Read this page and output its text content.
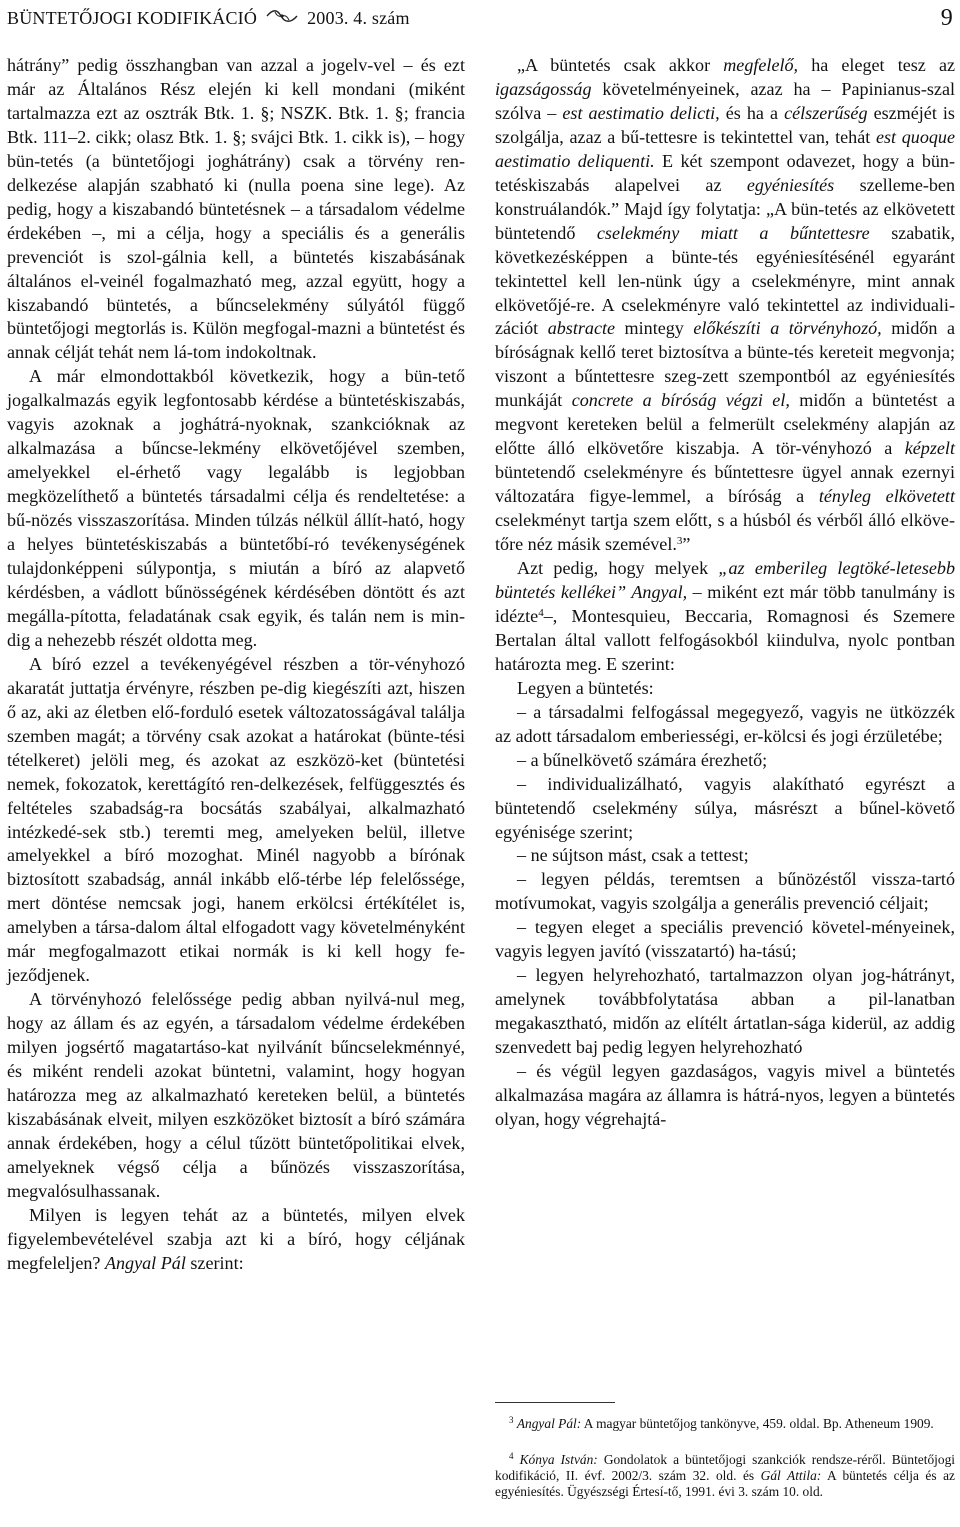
BÜNTETŐJOGI KODIFIKÁCIÓ	2003. 4. szám	9

hátrány” pedig összhangban van azzal a jogelv-vel – és ezt már az Általános Rész elején ki kell mondani (miként tartalmazza ezt az osztrák Btk. 1. §; NSZK. Btk. 1. §; francia Btk. 111–2. cikk; olasz Btk. 1. §; svájci Btk. 1. cikk is), – hogy bün-tetés (a büntetőjogi joghátrány) csak a törvény ren-delkezése alapján szabható ki (nulla poena sine lege). Az pedig, hogy a kiszabandó büntetésnek – a társadalom védelme érdekében –, mi a célja, hogy a speciális és a generális prevenciót is szol-gálnia kell, a büntetés kiszabásának általános el-veinél fogalmazható meg, azzal együtt, hogy a kiszabandó büntetés, a bűncselekmény súlyától függő büntetőjogi megtorlás is. Külön megfogal-mazni a büntetést és annak célját tehát nem lá-tom indokoltnak.

A már elmondottakból következik, hogy a bün-tető jogalkalmazás egyik legfontosabb kérdése a büntetéskiszabás, vagyis azoknak a joghátrá-nyoknak, szankcióknak az alkalmazása a bűncse-lekmény elkövetőjével szemben, amelyekkel el-érhető vagy legalább is legjobban megközelíthető a büntetés társadalmi célja és rendeltetése: a bű-nözés visszaszorítása. Minden túlzás nélkül állít-ható, hogy a helyes büntetéskiszabás a büntetőbí-ró tevékenységének tulajdonképpeni súlypontja, s miután a bíró az alapvető kérdésben, a vádlott bűnösségének kérdésében döntött és azt megálla-pította, feladatának csak egyik, és talán nem is min-dig a nehezebb részét oldotta meg.

A bíró ezzel a tevékenyégével részben a tör-vényhozó akaratát juttatja érvényre, részben pe-dig kiegészíti azt, hiszen ő az, aki az életben elő-forduló esetek változatosságával találja szemben magát; a törvény csak azokat a határokat (bünte-tési tételkeret) jelöli meg, és azokat az eszközö-ket (büntetési nemek, fokozatok, kerettágító ren-delkezések, felfüggesztés és feltételes szabadság-ra bocsátás szabályai, alkalmazható intézkedé-sek stb.) teremti meg, amelyeken belül, illetve amelyekkel a bíró mozoghat. Minél nagyobb a bírónak biztosított szabadság, annál inkább elő-térbe lép felelőssége, mert döntése nemcsak jogi, hanem erkölcsi értékítélet is, amelyben a társa-dalom által elfogadott vagy követelményként már megfogalmazott etikai normák is ki kell hogy fe-jeződjenek.

A törvényhozó felelőssége pedig abban nyilvá-nul meg, hogy az állam és az egyén, a társadalom védelme érdekében milyen jogsértő magatartáso-kat nyilvánít bűncselekménnyé, és miként rendeli azokat büntetni, valamint, hogy hogyan határozza meg az alkalmazható kereteken belül, a büntetés kiszabásának elveit, milyen eszközöket biztosít a bíró számára annak érdekében, hogy a célul tűzött büntetőpolitikai elvek, amelyeknek végső célja a bűnözés visszaszorítása, megvalósulhassanak.

Milyen is legyen tehát az a büntetés, milyen elvek figyelembevételével szabja azt ki a bíró, hogy céljának megfeleljen? Angyal Pál szerint:

„A büntetés csak akkor megfelelő, ha eleget tesz az igazságosság követelményeinek, azaz ha – Papinianus-szal szólva – est aestimatio delicti, és ha a célszerűség eszméjét is szolgálja, azaz a bű-tettesre is tekintettel van, tehát est quoque aestimatio deliquenti. E két szempont odavezet, hogy a bün-tetéskiszabás alapelvei az egyéniesítés szelleme-ben konstruálandók.” Majd így folytatja: „A bün-tetés az elkövetett büntetendő cselekmény miatt a bűntettesre szabatik, következésképpen a bünte-tés egyéniesítésénél egyaránt tekintettel kell len-nünk úgy a cselekményre, mint annak elkövetőjé-re. A cselekményre való tekintettel az individuali-zációt abstracte mintegy előkészíti a törvényhozó, midőn a bíróságnak kellő teret biztosítva a bünte-tés kereteit megvonja; viszont a bűntettesre szeg-zett szempontból az egyéniesítés munkáját concrete a bíróság végzi el, midőn a büntetést a megvont kereteken belül a felmerült cselekmény alapján az előtte álló elkövetőre kiszabja. A tör-vényhozó a képzelt büntetendő cselekményre és bűntettesre ügyel annak ezernyi változatára figye-lemmel, a bíróság a tényleg elkövetett cselekményt tartja szem előtt, s a húsból és vérből álló elköve-tőre néz másik szemével.$^3$”

Azt pedig, hogy melyek „az emberileg legtöké-letesebb büntetés kellékei” Angyal, – miként ezt már több tanulmány is idézte$^4$–, Montesquieu, Beccaria, Romagnosi és Szemere Bertalan által vallott felfogásokból kiindulva, nyolc pontban határozta meg. E szerint:

Legyen a büntetés:

– a társadalmi felfogással megegyező, vagyis ne ütközzék az adott társadalom emberiességi, er-kölcsi és jogi érzületébe;

– a bűnelkövető számára érezhető;

– individualizálható, vagyis alakítható egyrészt a büntetendő cselekmény súlya, másrészt a bűnel-követő egyénisége szerint;

– ne sújtson mást, csak a tettest;

– legyen példás, teremtsen a bűnözéstől vissza-tartó motívumokat, vagyis szolgálja a generális prevenció céljait;

– tegyen eleget a speciális prevenció követel-ményeinek, vagyis legyen javító (visszatartó) ha-tású;

– legyen helyrehozható, tartalmazzon olyan jog-hátrányt, amelynek továbbfolytatása abban a pil-lanatban megakasztható, midőn az elítélt ártatlan-sága kiderül, az addig szenvedett baj pedig legyen helyrehozható

– és végül legyen gazdaságos, vagyis mivel a büntetés alkalmazása magára az államra is hátrá-nyos, legyen a büntetés olyan, hogy végrehajtá-

$^3$ Angyal Pál: A magyar büntetőjog tankönyve, 459. oldal. Bp. Atheneum 1909.

$^4$ Kónya István: Gondolatok a büntetőjogi szankciók rendsze-réről. Büntetőjogi kodifikáció, II. évf. 2002/3. szám 32. old. és Gál Attila: A büntetés célja és az egyéniesítés. Ügyészségi Értesí-tő, 1991. évi 3. szám 10. old.
